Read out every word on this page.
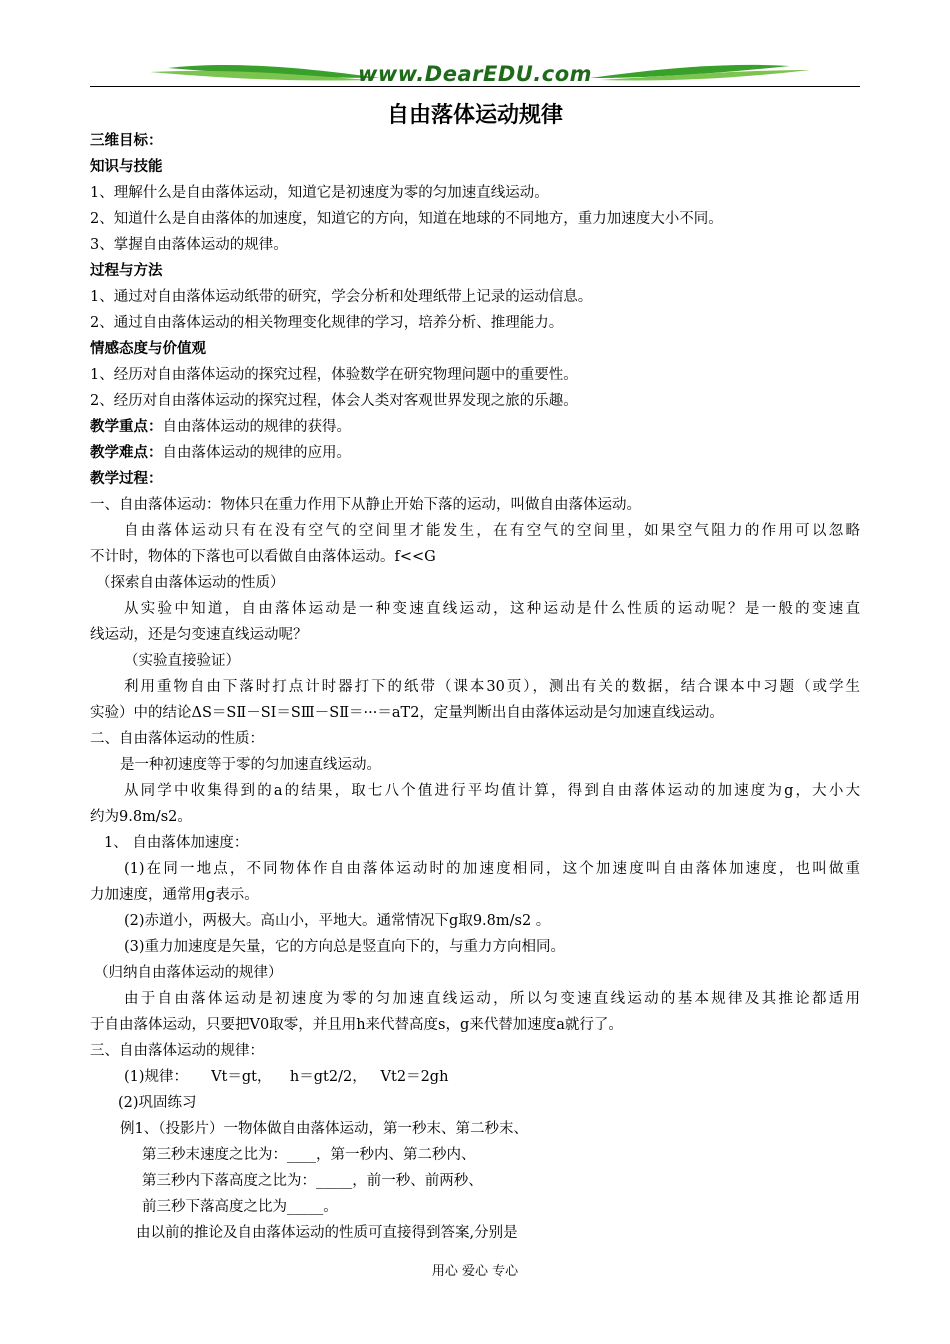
www.DearEDU.com
自由落体运动规律
三维目标：
知识与技能
1、理解什么是自由落体运动，知道它是初速度为零的匀加速直线运动。
2、知道什么是自由落体的加速度，知道它的方向，知道在地球的不同地方，重力加速度大小不同。
3、掌握自由落体运动的规律。
过程与方法
1、通过对自由落体运动纸带的研究，学会分析和处理纸带上记录的运动信息。
2、通过自由落体运动的相关物理变化规律的学习，培养分析、推理能力。
情感态度与价值观
1、经历对自由落体运动的探究过程，体验数学在研究物理问题中的重要性。
2、经历对自由落体运动的探究过程，体会人类对客观世界发现之旅的乐趣。
教学重点：自由落体运动的规律的获得。
教学难点：自由落体运动的规律的应用。
教学过程：
一、自由落体运动：物体只在重力作用下从静止开始下落的运动，叫做自由落体运动。
自由落体运动只有在没有空气的空间里才能发生，在有空气的空间里，如果空气阻力的作用可以忽略
不计时，物体的下落也可以看做自由落体运动。f<<G
（探索自由落体运动的性质）
从实验中知道，自由落体运动是一种变速直线运动，这种运动是什么性质的运动呢？是一般的变速直
线运动，还是匀变速直线运动呢？
（实验直接验证）
利用重物自由下落时打点计时器打下的纸带（课本30页），测出有关的数据，结合课本中习题（或学生
实验）中的结论ΔS＝SⅡ－SⅠ＝SⅢ－SⅡ＝···＝aT2，定量判断出自由落体运动是匀加速直线运动。
二、自由落体运动的性质：
是一种初速度等于零的匀加速直线运动。
从同学中收集得到的a的结果，取七八个值进行平均值计算，得到自由落体运动的加速度为g，大小大
约为9.8m/s2。
1、 自由落体加速度：
(1)在同一地点，不同物体作自由落体运动时的加速度相同，这个加速度叫自由落体加速度，也叫做重
力加速度，通常用g表示。
(2)赤道小，两极大。高山小，平地大。通常情况下g取9.8m/s2 。
(3)重力加速度是矢量，它的方向总是竖直向下的，与重力方向相同。
（归纳自由落体运动的规律）
由于自由落体运动是初速度为零的匀加速直线运动，所以匀变速直线运动的基本规律及其推论都适用
于自由落体运动，只要把V0取零，并且用h来代替高度s，g来代替加速度a就行了。
三、自由落体运动的规律：
(1)规律：     Vt＝gt，    h＝gt2/2，   Vt2＝2gh
(2)巩固练习
例1、（投影片）一物体做自由落体运动，第一秒末、第二秒末、
第三秒末速度之比为：____，第一秒内、第二秒内、
第三秒内下落高度之比为：_____，前一秒、前两秒、
前三秒下落高度之比为_____。
由以前的推论及自由落体运动的性质可直接得到答案,分别是
用心 爱心 专心
